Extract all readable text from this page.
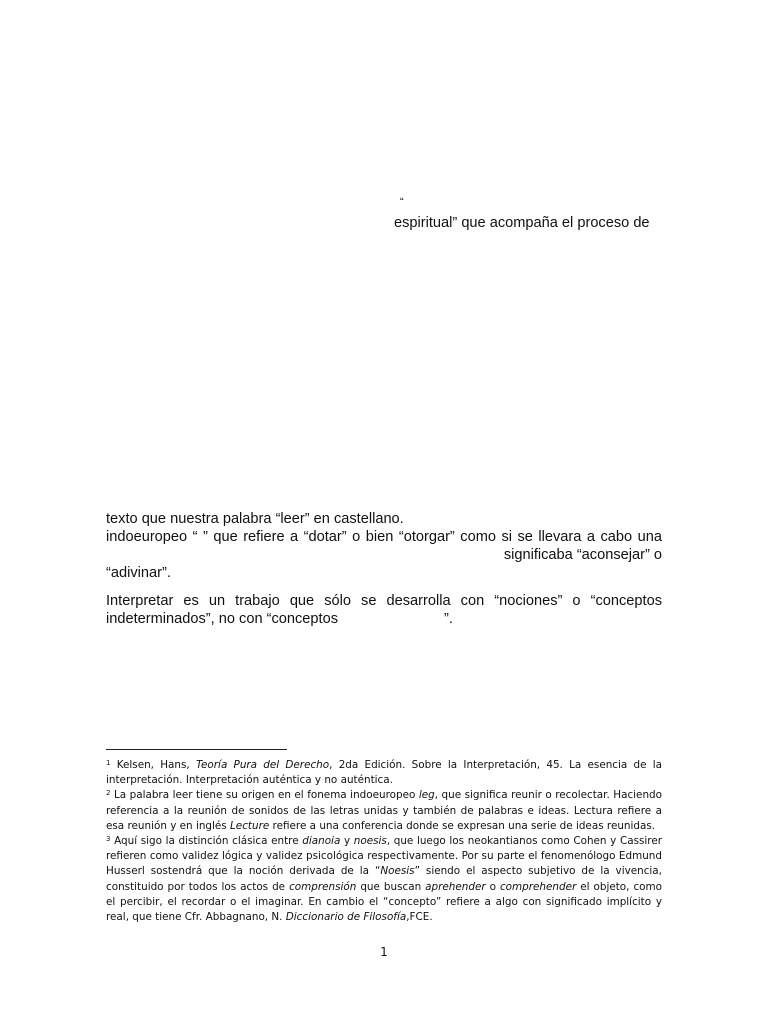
“

espiritual” que acompaña el proceso de

texto que nuestra palabra “leer” en castellano.

indoeuropeo “ ” que refiere a “dotar” o bien “otorgar” como si se llevara a cabo una

significaba “aconsejar” o

“adivinar”.

Interpretar es un trabajo que sólo se desarrolla con “nociones” o “conceptos

indeterminados”, no con “conceptos	”.

$^1$ Kelsen, Hans, Teoría Pura del Derecho, 2da Edición. Sobre la Interpretación, 45. La esencia de la interpretación. Interpretación auténtica y no auténtica.

$^2$ La palabra leer tiene su origen en el fonema indoeuropeo leg, que significa reunir o recolectar. Haciendo referencia a la reunión de sonidos de las letras unidas y también de palabras e ideas. Lectura refiere a esa reunión y en inglés Lecture refiere a una conferencia donde se expresan una serie de ideas reunidas.

$^3$ Aquí sigo la distinción clásica entre dianoia y noesis, que luego los neokantianos como Cohen y Cassirer refieren como validez lógica y validez psicológica respectivamente. Por su parte el fenomenólogo Edmund Husserl sostendrá que la noción derivada de la “Noesis” siendo el aspecto subjetivo de la vivencia, constituido por todos los actos de comprensión que buscan aprehender o comprehender el objeto, como el percibir, el recordar o el imaginar. En cambio el “concepto” refiere a algo con significado implícito y real, que tiene Cfr. Abbagnano, N. Diccionario de Filosofía,FCE.

1
